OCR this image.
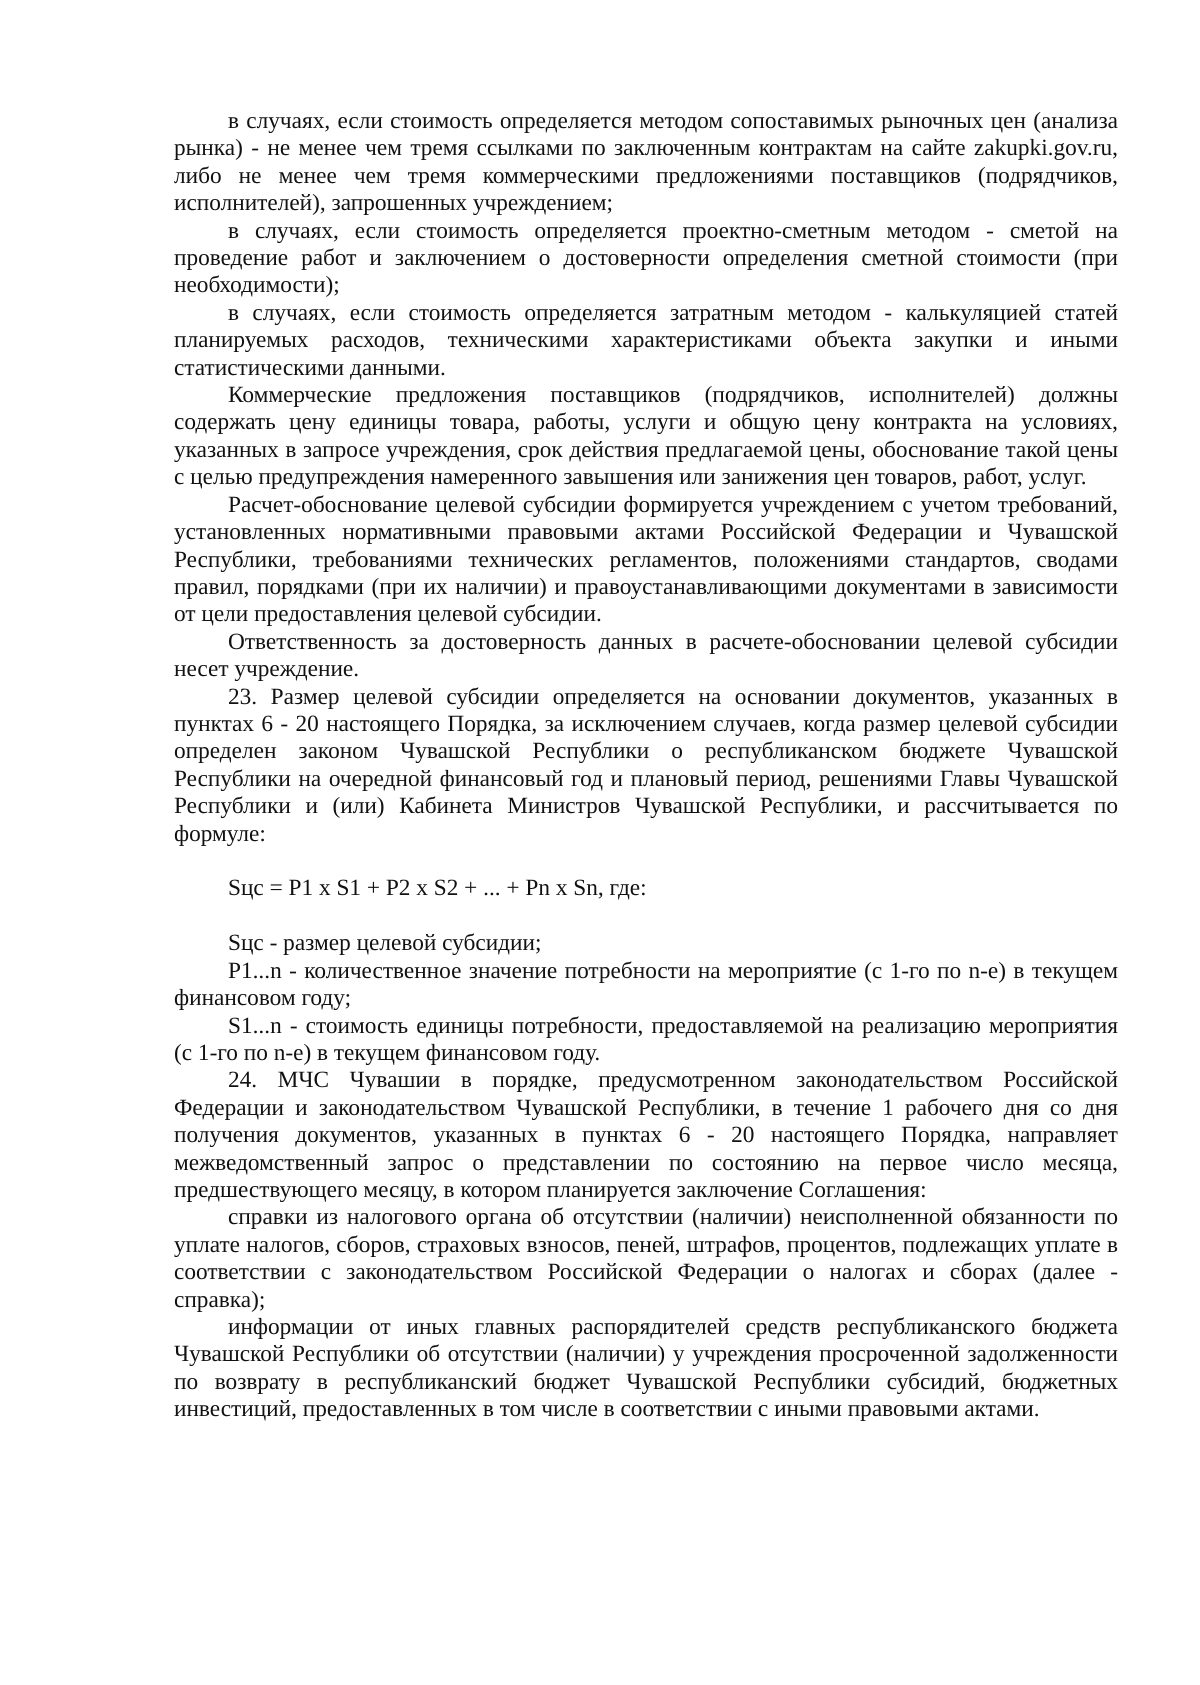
в случаях, если стоимость определяется методом сопоставимых рыночных цен (анализа рынка) - не менее чем тремя ссылками по заключенным контрактам на сайте zakupki.gov.ru, либо не менее чем тремя коммерческими предложениями поставщиков (подрядчиков, исполнителей), запрошенных учреждением;

в случаях, если стоимость определяется проектно-сметным методом - сметой на проведение работ и заключением о достоверности определения сметной стоимости (при необходимости);

в случаях, если стоимость определяется затратным методом - калькуляцией статей планируемых расходов, техническими характеристиками объекта закупки и иными статистическими данными.

Коммерческие предложения поставщиков (подрядчиков, исполнителей) должны содержать цену единицы товара, работы, услуги и общую цену контракта на условиях, указанных в запросе учреждения, срок действия предлагаемой цены, обоснование такой цены с целью предупреждения намеренного завышения или занижения цен товаров, работ, услуг.

Расчет-обоснование целевой субсидии формируется учреждением с учетом требований, установленных нормативными правовыми актами Российской Федерации и Чувашской Республики, требованиями технических регламентов, положениями стандартов, сводами правил, порядками (при их наличии) и правоустанавливающими документами в зависимости от цели предоставления целевой субсидии.

Ответственность за достоверность данных в расчете-обосновании целевой субсидии несет учреждение.

23. Размер целевой субсидии определяется на основании документов, указанных в пунктах 6 - 20 настоящего Порядка, за исключением случаев, когда размер целевой субсидии определен законом Чувашской Республики о республиканском бюджете Чувашской Республики на очередной финансовый год и плановый период, решениями Главы Чувашской Республики и (или) Кабинета Министров Чувашской Республики, и рассчитывается по формуле:

Sцс = P1 x S1 + P2 x S2 + ... + Pn x Sn, где:

Sцс - размер целевой субсидии;

P1...n - количественное значение потребности на мероприятие (с 1-го по n-е) в текущем финансовом году;

S1...n - стоимость единицы потребности, предоставляемой на реализацию мероприятия (с 1-го по n-е) в текущем финансовом году.

24. МЧС Чувашии в порядке, предусмотренном законодательством Российской Федерации и законодательством Чувашской Республики, в течение 1 рабочего дня со дня получения документов, указанных в пунктах 6 - 20 настоящего Порядка, направляет межведомственный запрос о представлении по состоянию на первое число месяца, предшествующего месяцу, в котором планируется заключение Соглашения:

справки из налогового органа об отсутствии (наличии) неисполненной обязанности по уплате налогов, сборов, страховых взносов, пеней, штрафов, процентов, подлежащих уплате в соответствии с законодательством Российской Федерации о налогах и сборах (далее - справка);

информации от иных главных распорядителей средств республиканского бюджета Чувашской Республики об отсутствии (наличии) у учреждения просроченной задолженности по возврату в республиканский бюджет Чувашской Республики субсидий, бюджетных инвестиций, предоставленных в том числе в соответствии с иными правовыми актами.
